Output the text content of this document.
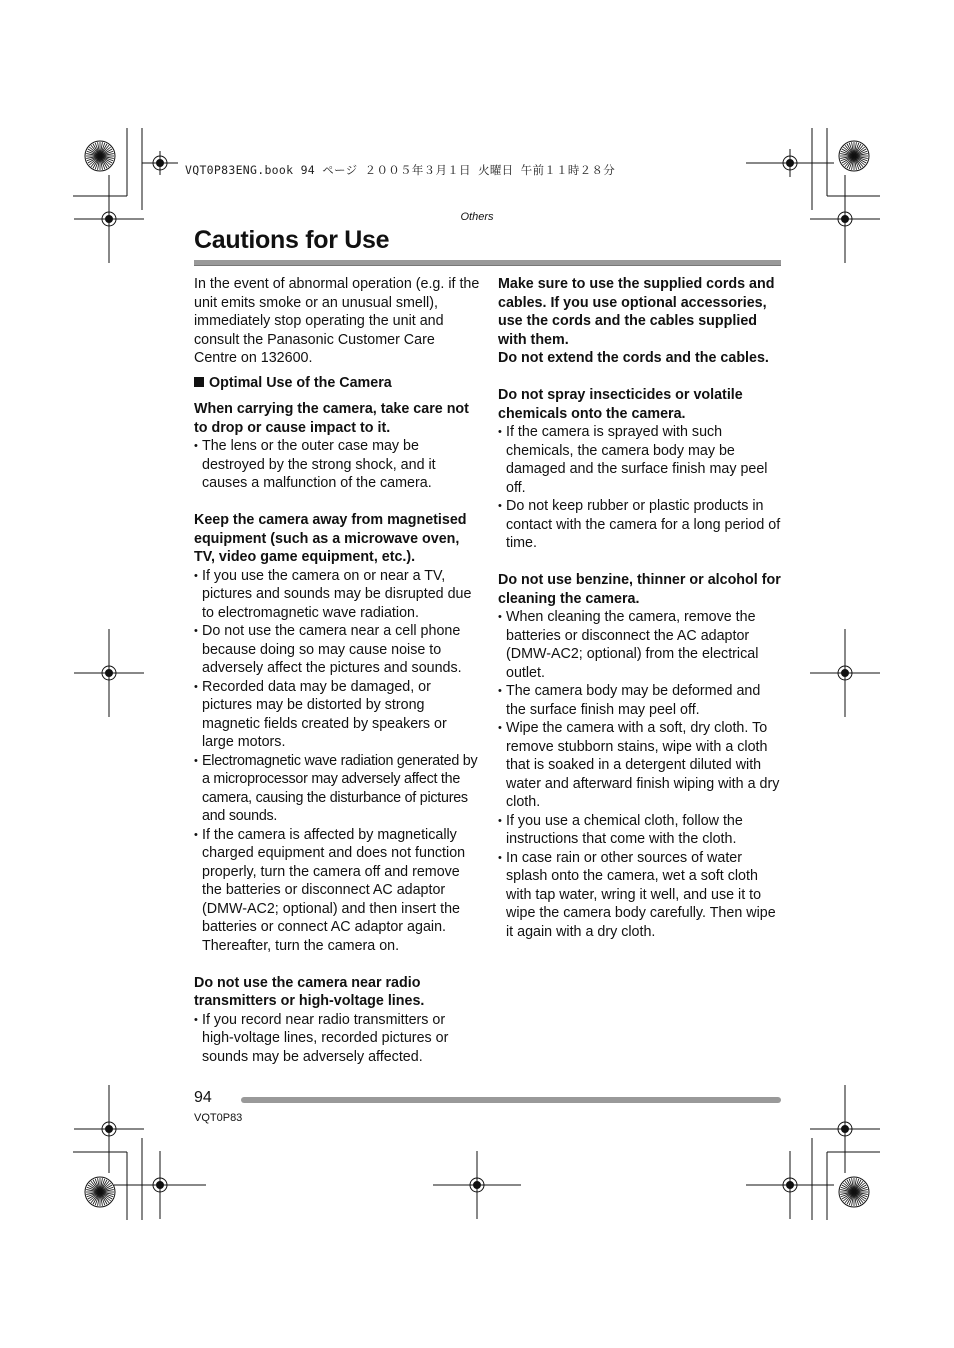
VQT0P83ENG.book 94 ページ ２００５年３月１日 火曜日 午前１１時２８分
Others
Cautions for Use

In the event of abnormal operation (e.g. if the unit emits smoke or an unusual smell), immediately stop operating the unit and consult the Panasonic Customer Care Centre on 132600.

Optimal Use of the Camera

When carrying the camera, take care not to drop or cause impact to it.

• The lens or the outer case may be destroyed by the strong shock, and it causes a malfunction of the camera.

Keep the camera away from magnetised equipment (such as a microwave oven, TV, video game equipment, etc.).

• If you use the camera on or near a TV, pictures and sounds may be disrupted due to electromagnetic wave radiation.

• Do not use the camera near a cell phone because doing so may cause noise to adversely affect the pictures and sounds.

• Recorded data may be damaged, or pictures may be distorted by strong magnetic fields created by speakers or large motors.

• Electromagnetic wave radiation generated by a microprocessor may adversely affect the camera, causing the disturbance of pictures and sounds.

• If the camera is affected by magnetically charged equipment and does not function properly, turn the camera off and remove the batteries or disconnect AC adaptor (DMW-AC2; optional) and then insert the batteries or connect AC adaptor again. Thereafter, turn the camera on.

Do not use the camera near radio transmitters or high-voltage lines.

• If you record near radio transmitters or high-voltage lines, recorded pictures or sounds may be adversely affected.

Make sure to use the supplied cords and cables. If you use optional accessories, use the cords and the cables supplied with them.

Do not extend the cords and the cables.

Do not spray insecticides or volatile chemicals onto the camera.

• If the camera is sprayed with such chemicals, the camera body may be damaged and the surface finish may peel off.

• Do not keep rubber or plastic products in contact with the camera for a long period of time.

Do not use benzine, thinner or alcohol for cleaning the camera.

• When cleaning the camera, remove the batteries or disconnect the AC adaptor (DMW-AC2; optional) from the electrical outlet.

• The camera body may be deformed and the surface finish may peel off.

• Wipe the camera with a soft, dry cloth. To remove stubborn stains, wipe with a cloth that is soaked in a detergent diluted with water and afterward finish wiping with a dry cloth.

• If you use a chemical cloth, follow the instructions that come with the cloth.

• In case rain or other sources of water splash onto the camera, wet a soft cloth with tap water, wring it well, and use it to wipe the camera body carefully. Then wipe it again with a dry cloth.

94
VQT0P83
